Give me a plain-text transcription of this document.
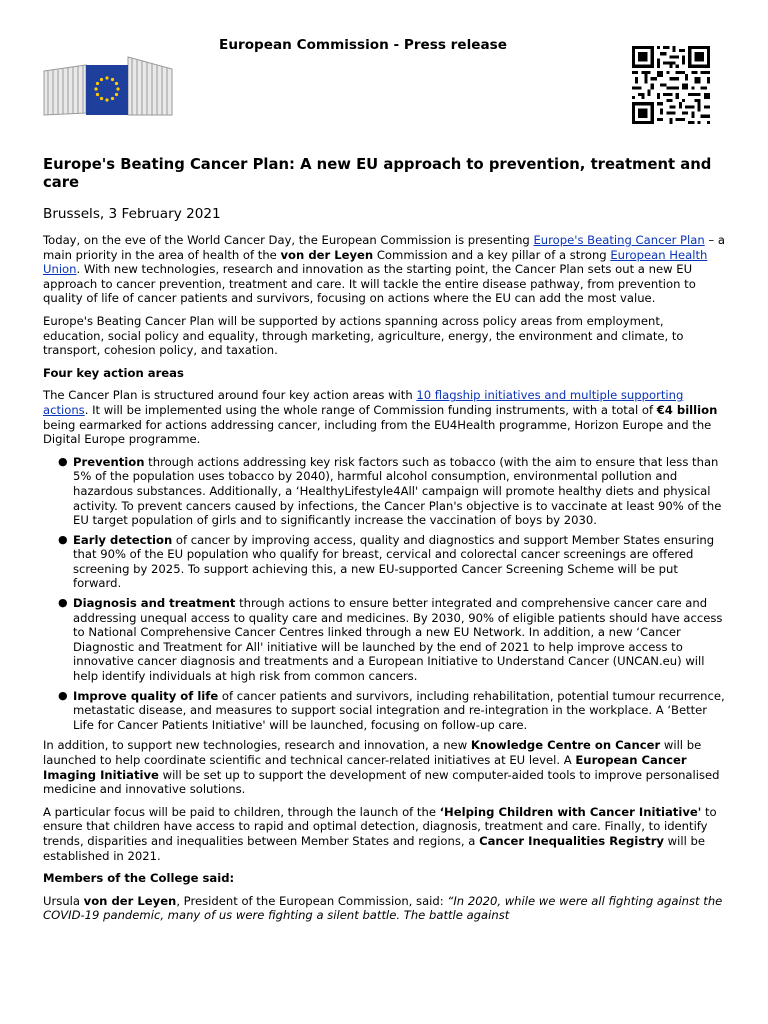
European Commission - Press release
Europe's Beating Cancer Plan: A new EU approach to prevention, treatment and care
Brussels, 3 February 2021

Today, on the eve of the World Cancer Day, the European Commission is presenting Europe's Beating Cancer Plan – a main priority in the area of health of the von der Leyen Commission and a key pillar of a strong European Health Union. With new technologies, research and innovation as the starting point, the Cancer Plan sets out a new EU approach to cancer prevention, treatment and care. It will tackle the entire disease pathway, from prevention to quality of life of cancer patients and survivors, focusing on actions where the EU can add the most value.

Europe's Beating Cancer Plan will be supported by actions spanning across policy areas from employment, education, social policy and equality, through marketing, agriculture, energy, the environment and climate, to transport, cohesion policy, and taxation.

Four key action areas

The Cancer Plan is structured around four key action areas with 10 flagship initiatives and multiple supporting actions. It will be implemented using the whole range of Commission funding instruments, with a total of €4 billion being earmarked for actions addressing cancer, including from the EU4Health programme, Horizon Europe and the Digital Europe programme.

● Prevention through actions addressing key risk factors such as tobacco (with the aim to ensure that less than 5% of the population uses tobacco by 2040), harmful alcohol consumption, environmental pollution and hazardous substances. Additionally, a ‘HealthyLifestyle4All' campaign will promote healthy diets and physical activity. To prevent cancers caused by infections, the Cancer Plan's objective is to vaccinate at least 90% of the EU target population of girls and to significantly increase the vaccination of boys by 2030.
● Early detection of cancer by improving access, quality and diagnostics and support Member States ensuring that 90% of the EU population who qualify for breast, cervical and colorectal cancer screenings are offered screening by 2025. To support achieving this, a new EU-supported Cancer Screening Scheme will be put forward.
● Diagnosis and treatment through actions to ensure better integrated and comprehensive cancer care and addressing unequal access to quality care and medicines. By 2030, 90% of eligible patients should have access to National Comprehensive Cancer Centres linked through a new EU Network. In addition, a new ‘Cancer Diagnostic and Treatment for All' initiative will be launched by the end of 2021 to help improve access to innovative cancer diagnosis and treatments and a European Initiative to Understand Cancer (UNCAN.eu) will help identify individuals at high risk from common cancers.
● Improve quality of life of cancer patients and survivors, including rehabilitation, potential tumour recurrence, metastatic disease, and measures to support social integration and re-integration in the workplace. A ‘Better Life for Cancer Patients Initiative' will be launched, focusing on follow-up care.

In addition, to support new technologies, research and innovation, a new Knowledge Centre on Cancer will be launched to help coordinate scientific and technical cancer-related initiatives at EU level. A European Cancer Imaging Initiative will be set up to support the development of new computer-aided tools to improve personalised medicine and innovative solutions.

A particular focus will be paid to children, through the launch of the ‘Helping Children with Cancer Initiative' to ensure that children have access to rapid and optimal detection, diagnosis, treatment and care. Finally, to identify trends, disparities and inequalities between Member States and regions, a Cancer Inequalities Registry will be established in 2021.

Members of the College said:

Ursula von der Leyen, President of the European Commission, said: “In 2020, while we were all fighting against the COVID-19 pandemic, many of us were fighting a silent battle. The battle against
